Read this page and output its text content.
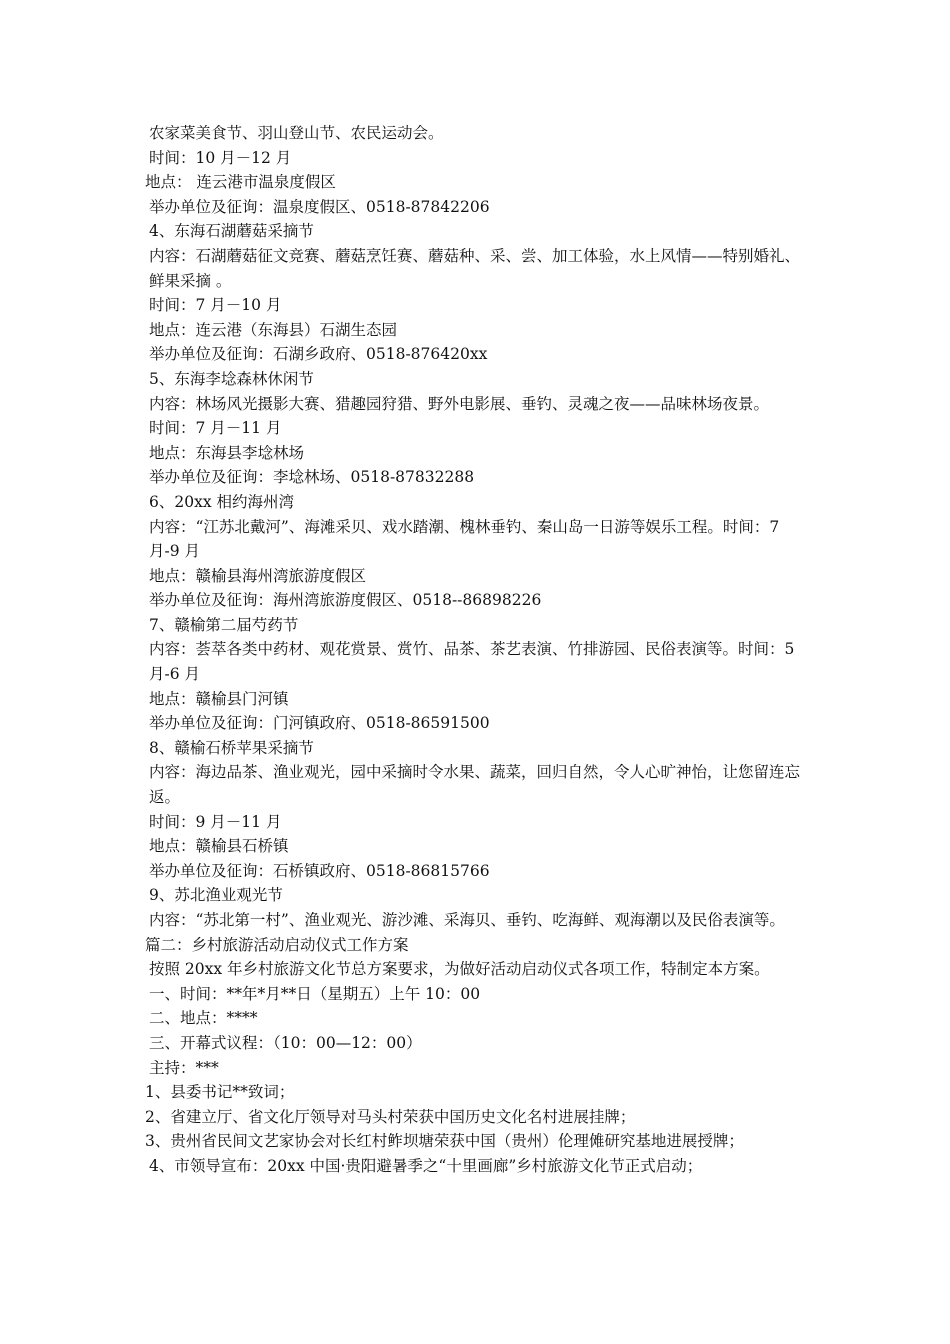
农家菜美食节、羽山登山节、农民运动会。
时间：10 月－12 月
地点： 连云港市温泉度假区
举办单位及征询：温泉度假区、0518-87842206
4、东海石湖蘑菇采摘节
内容：石湖蘑菇征文竞赛、蘑菇烹饪赛、蘑菇种、采、尝、加工体验，水上风情——特别婚礼、鲜果采摘 。
时间：7 月－10 月
地点：连云港（东海县）石湖生态园
举办单位及征询：石湖乡政府、0518-876420xx
5、东海李埝森林休闲节
内容：林场风光摄影大赛、猎趣园狩猎、野外电影展、垂钓、灵魂之夜——品味林场夜景。
时间：7 月－11 月
地点：东海县李埝林场
举办单位及征询：李埝林场、0518-87832288
6、20xx 相约海州湾
内容：“江苏北戴河”、海滩采贝、戏水踏潮、槐林垂钓、秦山岛一日游等娱乐工程。时间：7 月-9 月
地点：赣榆县海州湾旅游度假区
举办单位及征询：海州湾旅游度假区、0518--86898226
7、赣榆第二届芍药节
内容：荟萃各类中药材、观花赏景、赏竹、品茶、茶艺表演、竹排游园、民俗表演等。时间：5 月-6 月
地点：赣榆县门河镇
举办单位及征询：门河镇政府、0518-86591500
8、赣榆石桥苹果采摘节
内容：海边品茶、渔业观光，园中采摘时令水果、蔬菜，回归自然，令人心旷神怡，让您留连忘返。
时间：9 月－11 月
地点：赣榆县石桥镇
举办单位及征询：石桥镇政府、0518-86815766
9、苏北渔业观光节
内容：“苏北第一村”、渔业观光、游沙滩、采海贝、垂钓、吃海鲜、观海潮以及民俗表演等。
篇二：乡村旅游活动启动仪式工作方案
按照 20xx 年乡村旅游文化节总方案要求，为做好活动启动仪式各项工作，特制定本方案。
一、时间：**年*月**日（星期五）上午 10：00
二、地点：****
三、开幕式议程：（10：00—12：00）
主持：***
1、县委书记**致词；
2、省建立厅、省文化厅领导对马头村荣获中国历史文化名村进展挂牌；
3、贵州省民间文艺家协会对长红村鲊坝塘荣获中国（贵州）伦理傩研究基地进展授牌；
4、市领导宣布：20xx 中国·贵阳避暑季之“十里画廊”乡村旅游文化节正式启动；
